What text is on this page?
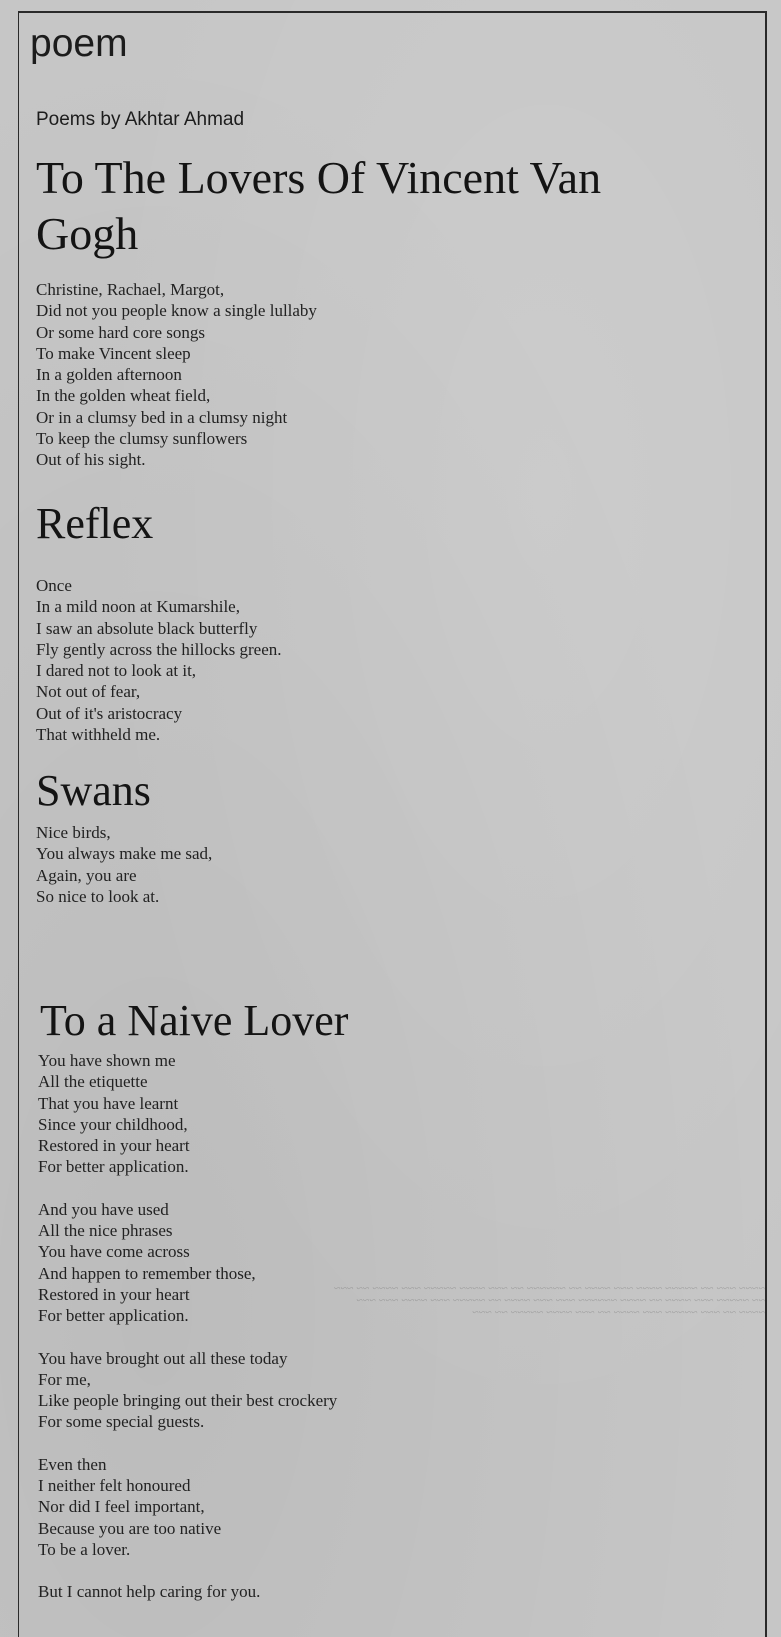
~~~~ ~~~ ~~ ~~~~~ ~~~~ ~~~ ~~~~ ~~ ~~~~~~ ~~ ~~~ ~~~~ ~~~~~ ~~~ ~~~~ ~~ ~~~
~~ ~~~~~ ~~~ ~~~~ ~~ ~~~~ ~~~~~~ ~~~ ~~~ ~~~~ ~~ ~~~~~ ~~~ ~~~~ ~~~ ~~~
~~~~ ~~ ~~~ ~~~~~ ~~~ ~~~~ ~~ ~~~ ~~~~ ~~~~~ ~~ ~~~
poem
Poems by Akhtar Ahmad
To The Lovers Of Vincent Van
Gogh
Christine, Rachael, Margot,
Did not you people know a single lullaby
Or some hard core songs
To make Vincent sleep
In a golden afternoon
In the golden wheat field,
Or in a clumsy bed in a clumsy night
To keep the clumsy sunflowers
Out of his sight.
Reflex
Once
In a mild noon at Kumarshile,
I saw an absolute black butterfly
Fly gently across the hillocks green.
I dared not to look at it,
Not out of fear,
Out of it's aristocracy
That withheld me.
Swans
Nice birds,
You always make me sad,
Again, you are
So nice to look at.
To a Naive Lover
You have shown me
All the etiquette
That you have learnt
Since your childhood,
Restored in your heart
For better application.
And you have used
All the nice phrases
You have come across
And happen to remember those,
Restored in your heart
For better application.
You have brought out all these today
For me,
Like people bringing out their best crockery
For some special guests.
Even then
I neither felt honoured
Nor did I feel important,
Because you are too native
To be a lover.
But I cannot help caring for you.
